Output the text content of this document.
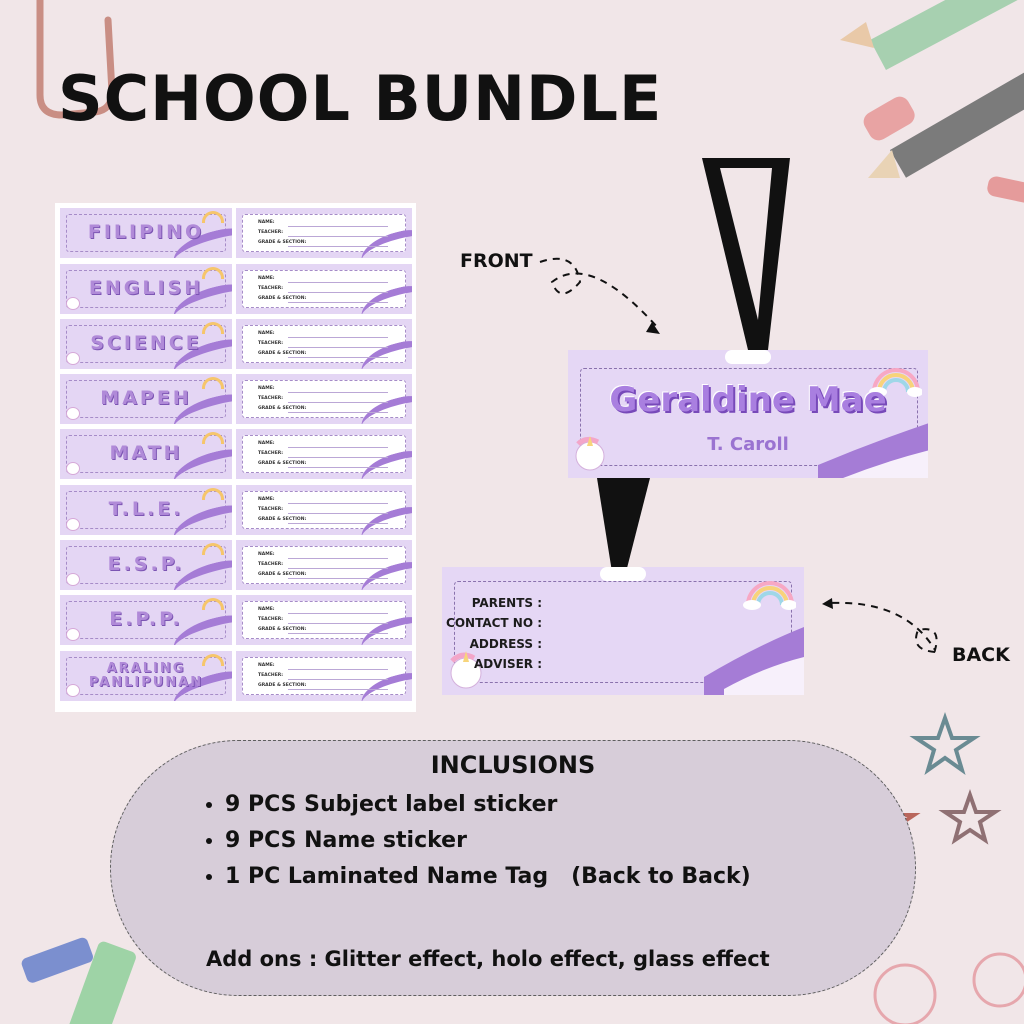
SCHOOL BUNDLE
FILIPINO	NAME:
TEACHER:
GRADE & SECTION:
ENGLISH	NAME:
TEACHER:
GRADE & SECTION:
SCIENCE	NAME:
TEACHER:
GRADE & SECTION:
MAPEH	NAME:
TEACHER:
GRADE & SECTION:
MATH	NAME:
TEACHER:
GRADE & SECTION:
T.L.E.	NAME:
TEACHER:
GRADE & SECTION:
E.S.P.	NAME:
TEACHER:
GRADE & SECTION:
E.P.P.	NAME:
TEACHER:
GRADE & SECTION:
ARALING PANLIPUNAN
NAME:
TEACHER:
GRADE & SECTION:
FRONT
BACK
Geraldine Mae
T. Caroll
PARENTS :
CONTACT NO :
ADDRESS :
ADVISER :
INCLUSIONS
• 9 PCS Subject label sticker
• 9 PCS Name sticker
• 1 PC Laminated Name Tag   (Back to Back)
Add ons : Glitter effect, holo effect, glass effect
